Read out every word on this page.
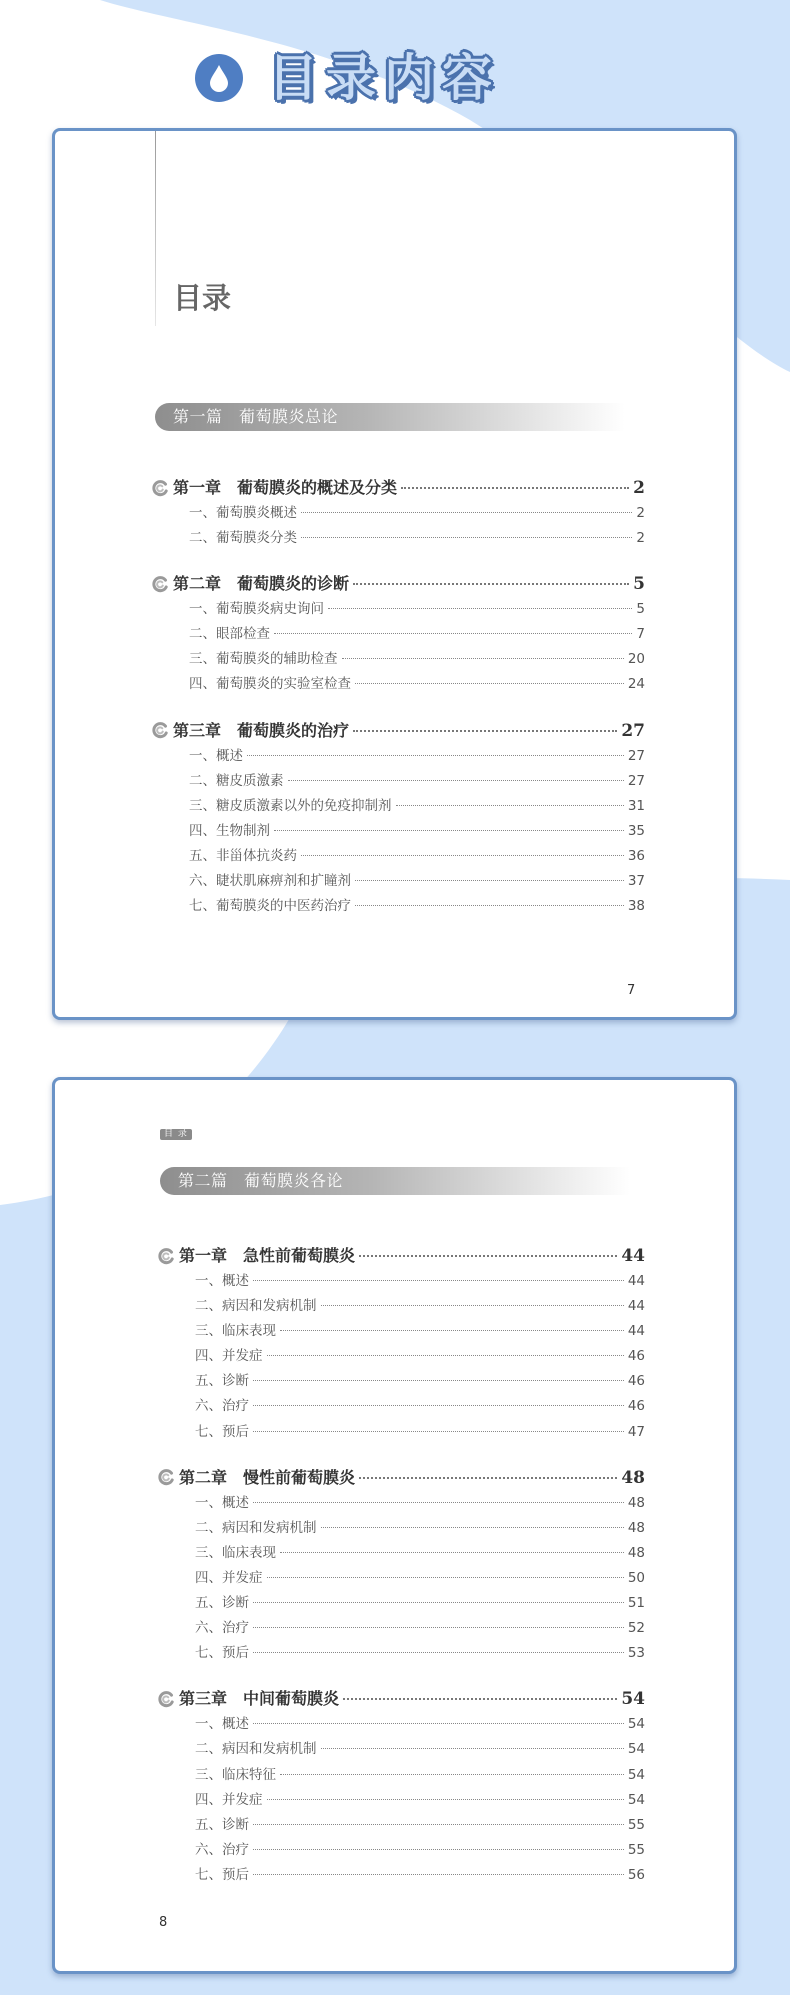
目录内容
目录
第一篇　葡萄膜炎总论
第一章　葡萄膜炎的概述及分类	2
一、葡萄膜炎概述	2
二、葡萄膜炎分类	2
第二章　葡萄膜炎的诊断	5
一、葡萄膜炎病史询问	5
二、眼部检查	7
三、葡萄膜炎的辅助检查	20
四、葡萄膜炎的实验室检查	24
第三章　葡萄膜炎的治疗	27
一、概述	27
二、糖皮质激素	27
三、糖皮质激素以外的免疫抑制剂	31
四、生物制剂	35
五、非甾体抗炎药	36
六、睫状肌麻痹剂和扩瞳剂	37
七、葡萄膜炎的中医药治疗	38
7
目 录
第二篇　葡萄膜炎各论
第一章　急性前葡萄膜炎	44
一、概述	44
二、病因和发病机制	44
三、临床表现	44
四、并发症	46
五、诊断	46
六、治疗	46
七、预后	47
第二章　慢性前葡萄膜炎	48
一、概述	48
二、病因和发病机制	48
三、临床表现	48
四、并发症	50
五、诊断	51
六、治疗	52
七、预后	53
第三章　中间葡萄膜炎	54
一、概述	54
二、病因和发病机制	54
三、临床特征	54
四、并发症	54
五、诊断	55
六、治疗	55
七、预后	56
8
